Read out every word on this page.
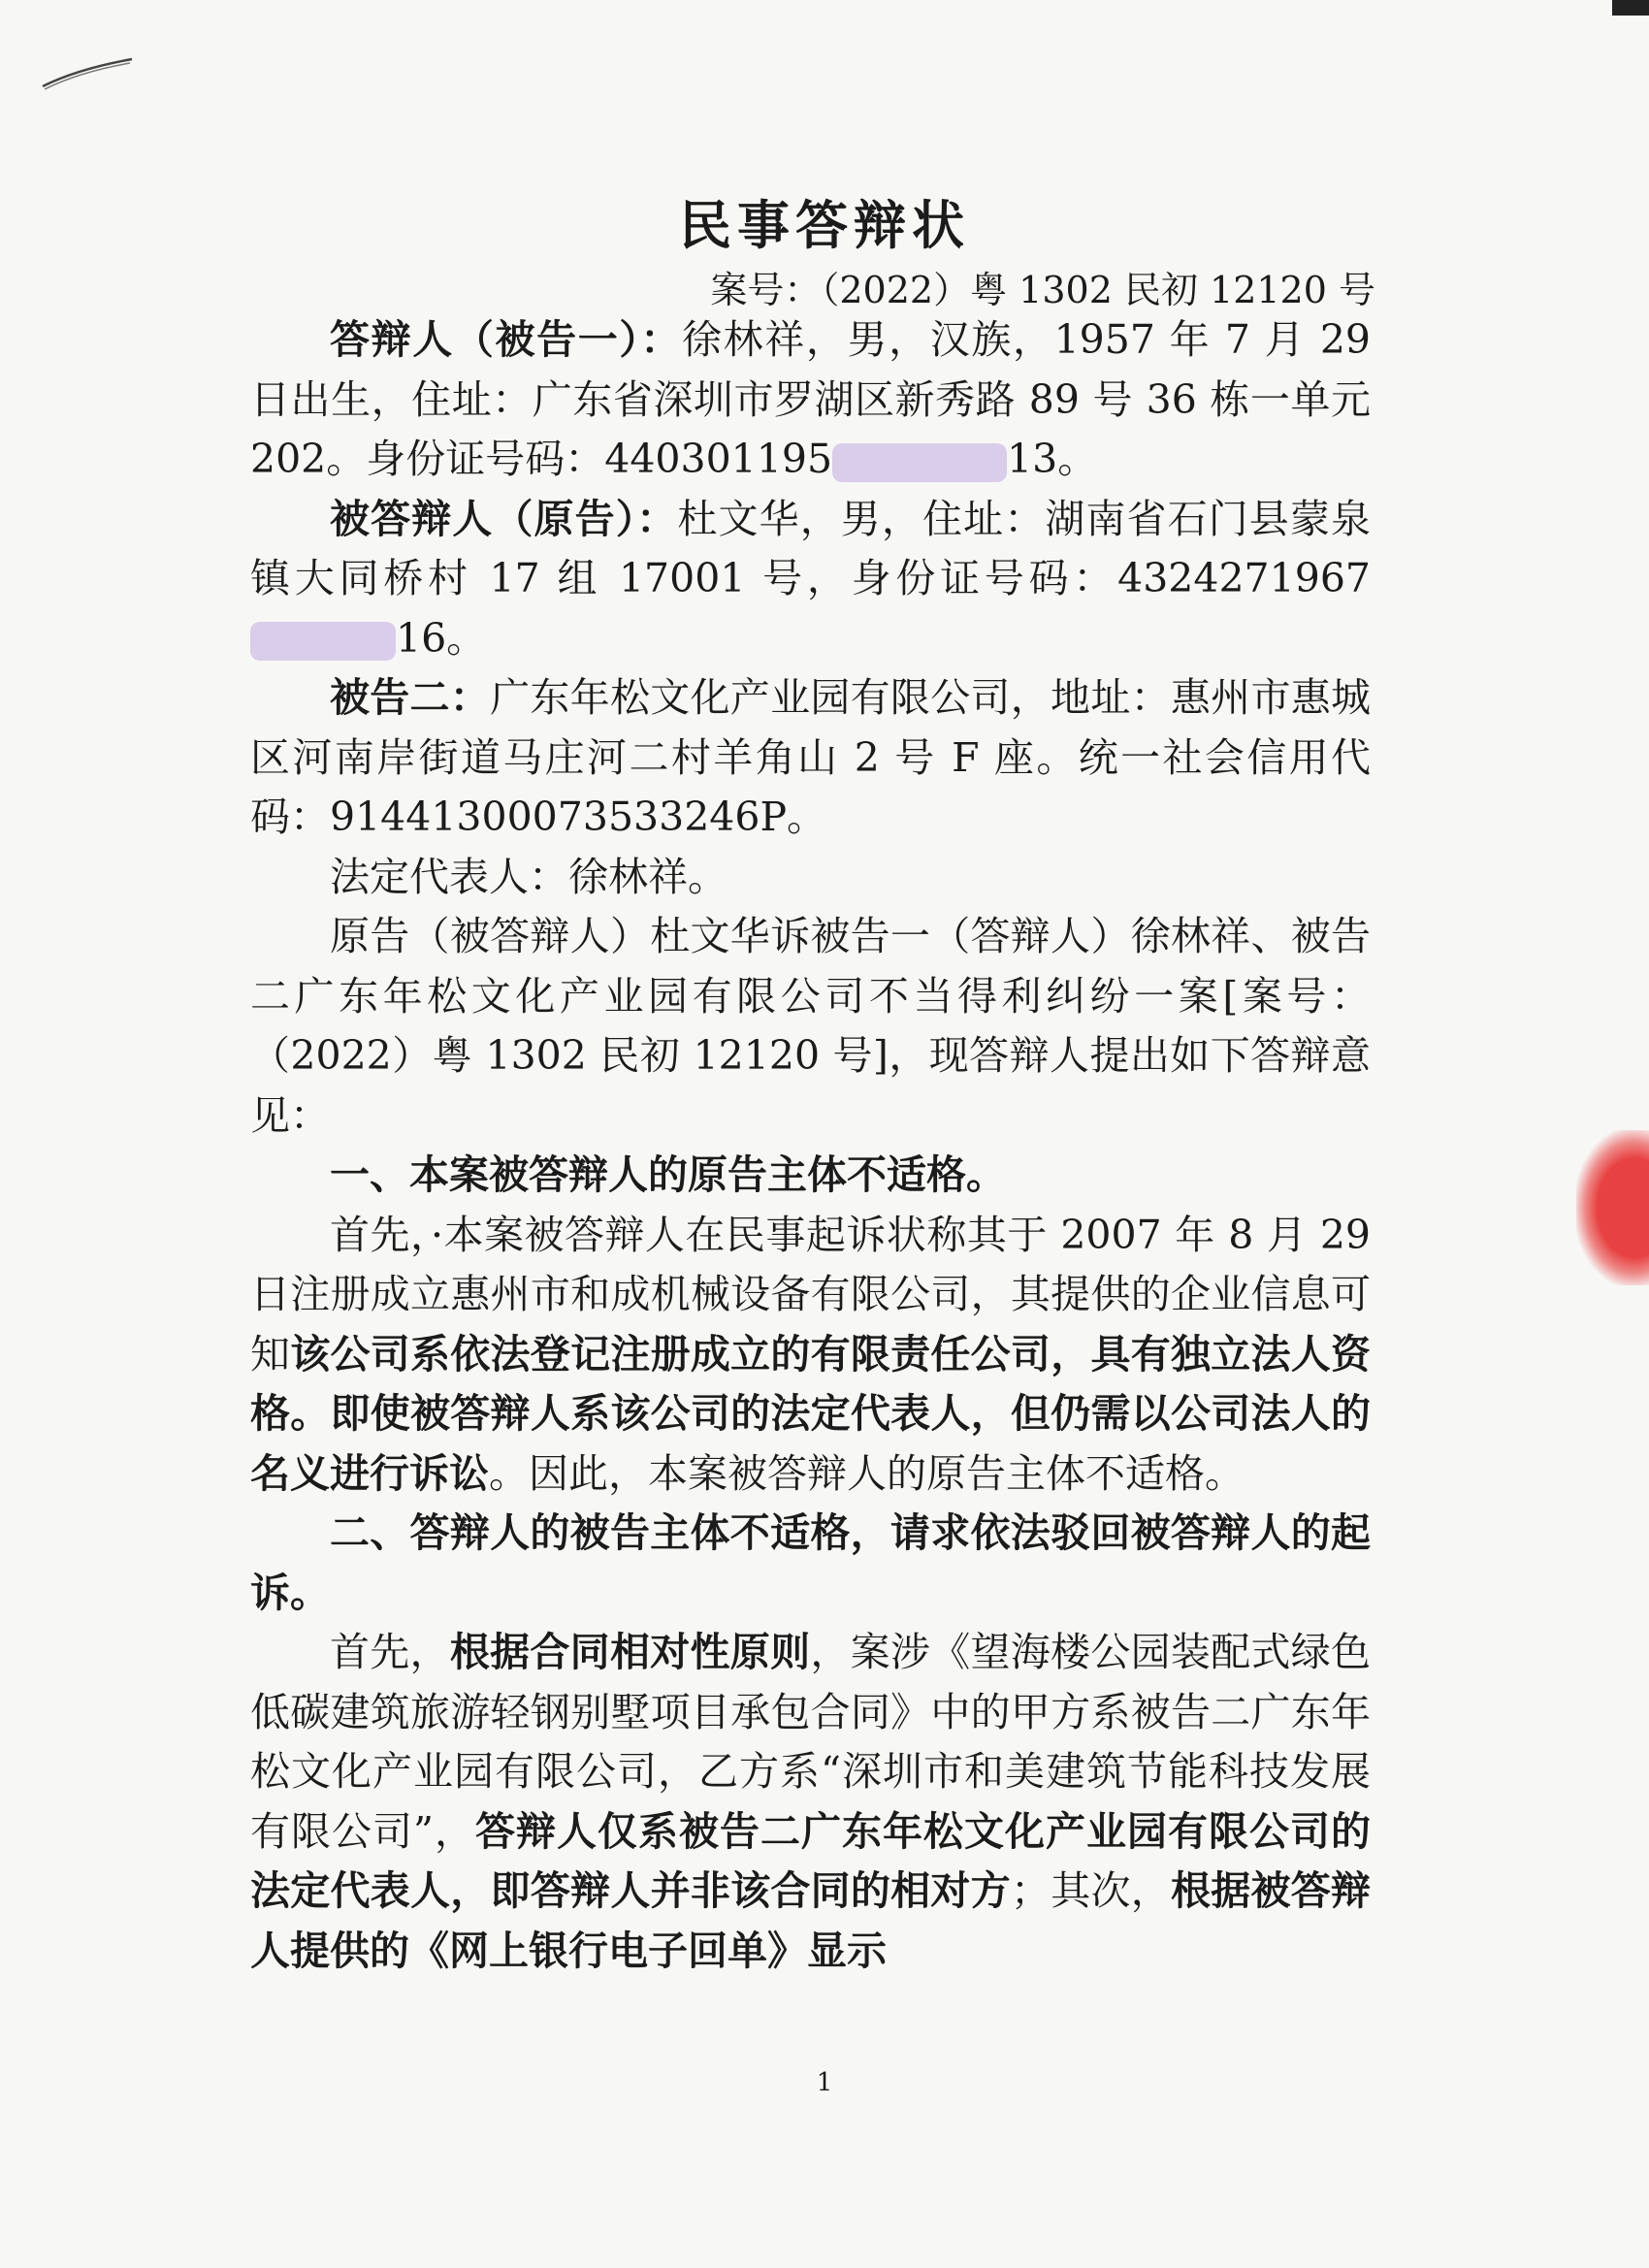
民事答辩状
案号：（2022）粤 1302 民初 12120 号

答辩人（被告一）：徐林祥，男，汉族，1957 年 7 月 29 日出生，住址：广东省深圳市罗湖区新秀路 89 号 36 栋一单元 202。身份证号码：440301195	13。

被答辩人（原告）：杜文华，男，住址：湖南省石门县蒙泉镇大同桥村 17 组 17001 号，身份证号码：432427196716。

被告二：广东年松文化产业园有限公司，地址：惠州市惠城区河南岸街道马庄河二村羊角山 2 号 F 座。统一社会信用代码：91441300073533246P。

法定代表人：徐林祥。

原告（被答辩人）杜文华诉被告一（答辩人）徐林祥、被告二广东年松文化产业园有限公司不当得利纠纷一案[案号：（2022）粤 1302 民初 12120 号]，现答辩人提出如下答辩意见：

一、本案被答辩人的原告主体不适格。

首先，·本案被答辩人在民事起诉状称其于 2007 年 8 月 29 日注册成立惠州市和成机械设备有限公司，其提供的企业信息可知该公司系依法登记注册成立的有限责任公司，具有独立法人资格。即使被答辩人系该公司的法定代表人，但仍需以公司法人的名义进行诉讼。因此，本案被答辩人的原告主体不适格。

二、答辩人的被告主体不适格，请求依法驳回被答辩人的起诉。

首先，根据合同相对性原则，案涉《望海楼公园装配式绿色低碳建筑旅游轻钢别墅项目承包合同》中的甲方系被告二广东年松文化产业园有限公司，乙方系“深圳市和美建筑节能科技发展有限公司”，答辩人仅系被告二广东年松文化产业园有限公司的法定代表人，即答辩人并非该合同的相对方；其次，根据被答辩人提供的《网上银行电子回单》显示

1
